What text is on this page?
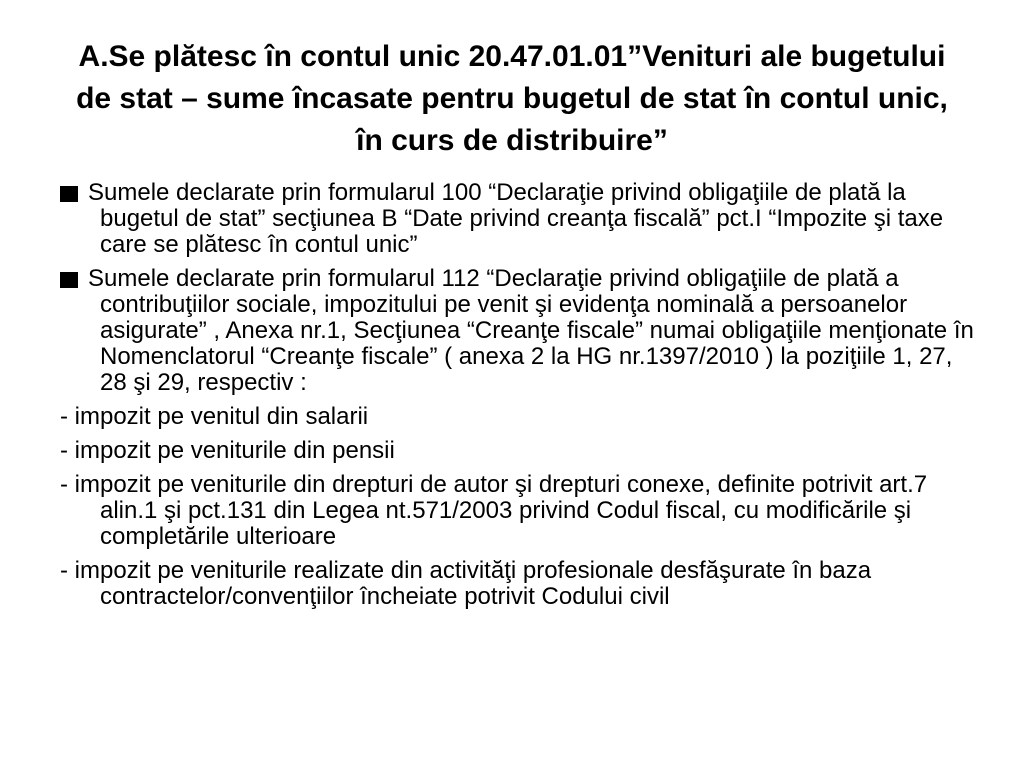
A.Se plătesc în contul unic 20.47.01.01”Venituri ale bugetului de stat – sume încasate pentru bugetul de stat în contul unic, în curs de distribuire”

Sumele declarate prin formularul 100 “Declaraţie privind obligaţiile de plată la bugetul de stat” secţiunea B “Date privind creanţa fiscală” pct.I “Impozite şi taxe care se plătesc în contul unic”

Sumele declarate prin formularul 112 “Declaraţie privind obligaţiile de plată a contribuţiilor sociale, impozitului pe venit şi evidenţa nominală a persoanelor asigurate” , Anexa nr.1, Secţiunea “Creanţe fiscale” numai obligaţiile menţionate în Nomenclatorul “Creanţe fiscale” ( anexa 2 la HG nr.1397/2010 ) la poziţiile 1, 27, 28 şi 29, respectiv :

- impozit pe venitul din salarii

- impozit pe veniturile din pensii

- impozit pe veniturile din drepturi de autor şi drepturi conexe, definite potrivit art.7 alin.1 şi pct.131 din Legea nt.571/2003 privind Codul fiscal, cu modificările şi completările ulterioare

- impozit pe veniturile realizate din activităţi profesionale desfăşurate în baza contractelor/convenţiilor încheiate potrivit Codului civil
